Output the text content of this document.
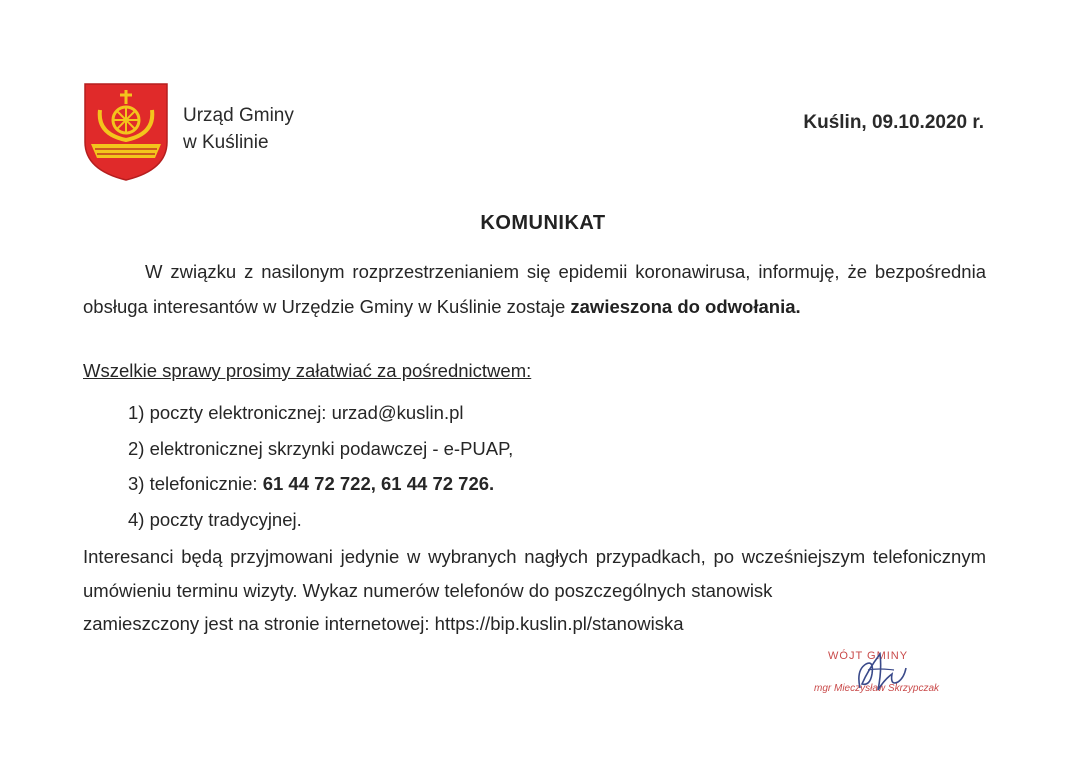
Urząd Gminy
w Kuślinie
Kuślin, 09.10.2020 r.
KOMUNIKAT
W związku z nasilonym rozprzestrzenianiem się epidemii koronawirusa, informuję, że bezpośrednia obsługa interesantów w Urzędzie Gminy w Kuślinie zostaje zawieszona do odwołania.
Wszelkie sprawy prosimy załatwiać za pośrednictwem:
1) poczty elektronicznej: urzad@kuslin.pl
2) elektronicznej skrzynki podawczej - e-PUAP,
3) telefonicznie: 61 44 72 722, 61 44 72 726.
4) poczty tradycyjnej.
Interesanci będą przyjmowani jedynie w wybranych nagłych przypadkach, po wcześniejszym telefonicznym umówieniu terminu wizyty. Wykaz numerów telefonów do poszczególnych stanowisk
zamieszczony jest na stronie internetowej: https://bip.kuslin.pl/stanowiska
WÓJT GMINY
mgr Mieczysław Skrzypczak
